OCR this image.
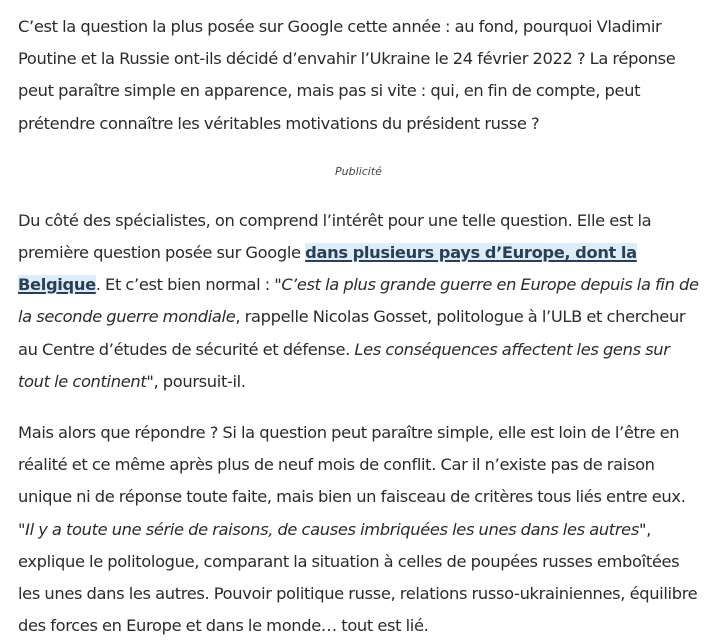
C’est la question la plus posée sur Google cette année : au fond, pourquoi Vladimir Poutine et la Russie ont-ils décidé d’envahir l’Ukraine le 24 février 2022 ? La réponse peut paraître simple en apparence, mais pas si vite : qui, en fin de compte, peut prétendre connaître les véritables motivations du président russe ?

Publicité

Du côté des spécialistes, on comprend l’intérêt pour une telle question. Elle est la première question posée sur Google dans plusieurs pays d’Europe, dont la Belgique. Et c’est bien normal : "C’est la plus grande guerre en Europe depuis la fin de la seconde guerre mondiale, rappelle Nicolas Gosset, politologue à l’ULB et chercheur au Centre d’études de sécurité et défense. Les conséquences affectent les gens sur tout le continent", poursuit-il.

Mais alors que répondre ? Si la question peut paraître simple, elle est loin de l’être en réalité et ce même après plus de neuf mois de conflit. Car il n’existe pas de raison unique ni de réponse toute faite, mais bien un faisceau de critères tous liés entre eux. "Il y a toute une série de raisons, de causes imbriquées les unes dans les autres", explique le politologue, comparant la situation à celles de poupées russes emboîtées les unes dans les autres. Pouvoir politique russe, relations russo-ukrainiennes, équilibre des forces en Europe et dans le monde… tout est lié.
